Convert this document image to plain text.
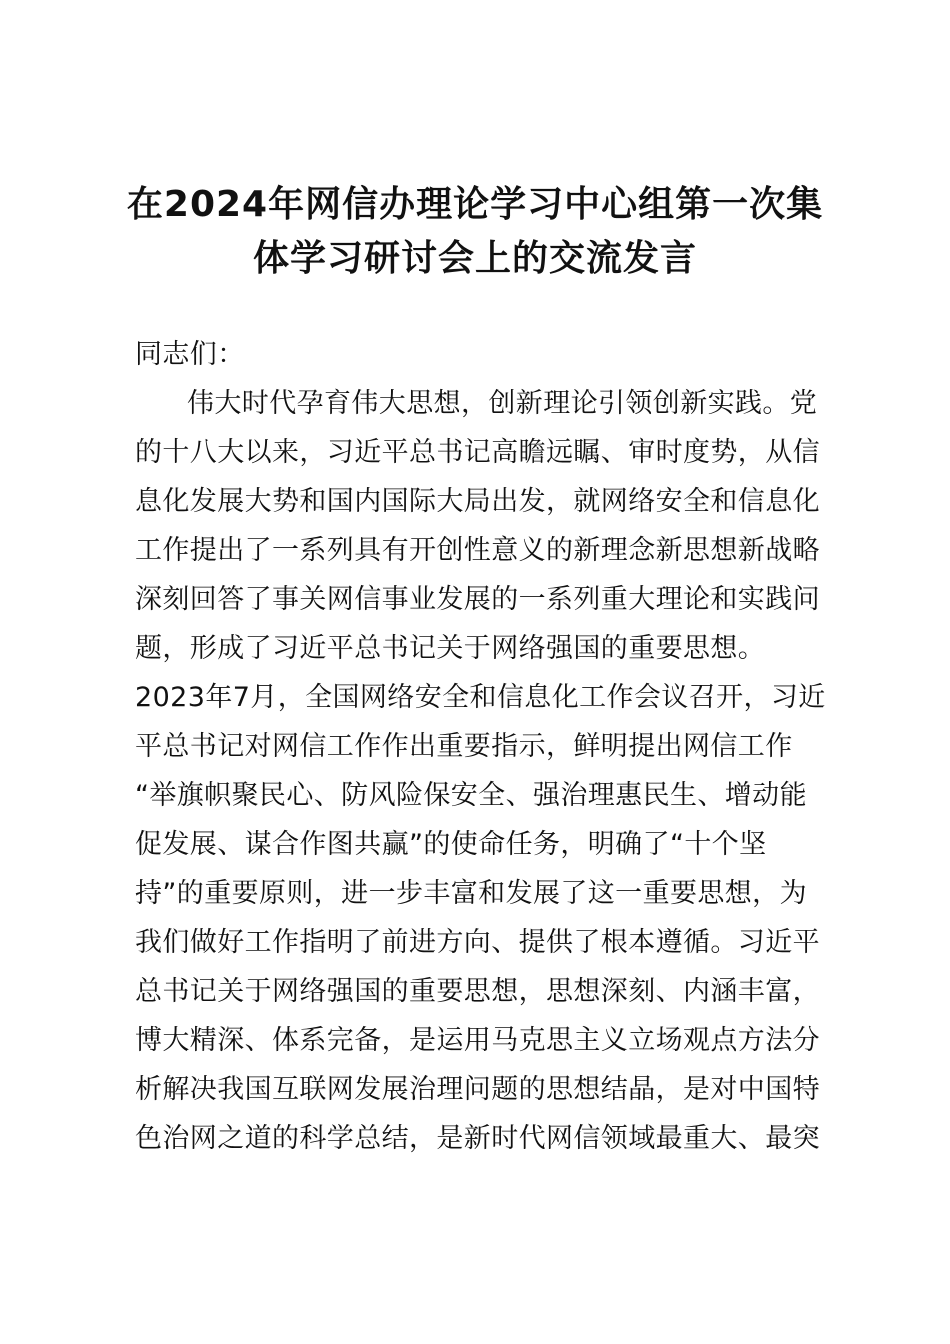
在2024年网信办理论学习中心组第一次集
体学习研讨会上的交流发言
同志们：
伟大时代孕育伟大思想，创新理论引领创新实践。党
的十八大以来，习近平总书记高瞻远瞩、审时度势，从信
息化发展大势和国内国际大局出发，就网络安全和信息化
工作提出了一系列具有开创性意义的新理念新思想新战略
深刻回答了事关网信事业发展的一系列重大理论和实践问
题，形成了习近平总书记关于网络强国的重要思想。
2023年7月，全国网络安全和信息化工作会议召开，习近
平总书记对网信工作作出重要指示，鲜明提出网信工作
“举旗帜聚民心、防风险保安全、强治理惠民生、增动能
促发展、谋合作图共赢”的使命任务，明确了“十个坚
持”的重要原则，进一步丰富和发展了这一重要思想，为
我们做好工作指明了前进方向、提供了根本遵循。习近平
总书记关于网络强国的重要思想，思想深刻、内涵丰富，
博大精深、体系完备，是运用马克思主义立场观点方法分
析解决我国互联网发展治理问题的思想结晶，是对中国特
色治网之道的科学总结，是新时代网信领域最重大、最突
